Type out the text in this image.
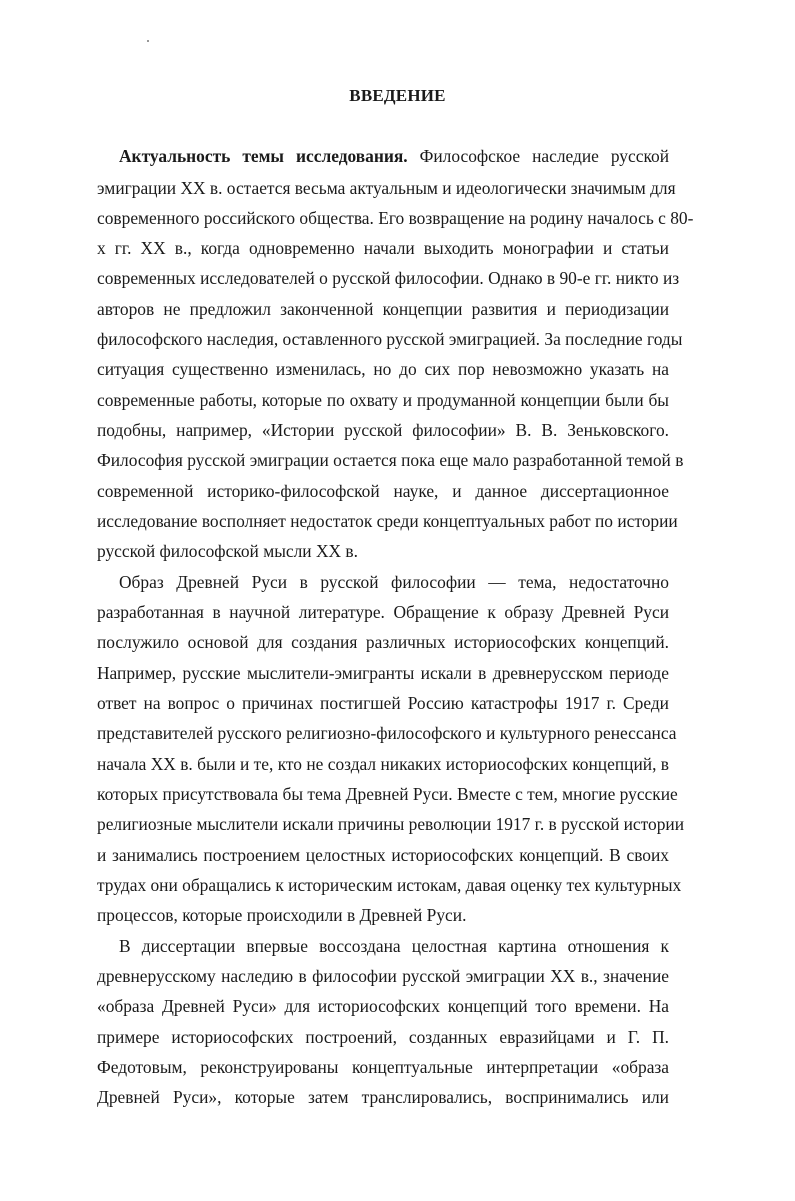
ВВЕДЕНИЕ
Актуальность темы исследования. Философское наследие русской
эмиграции XX в. остается весьма актуальным и идеологически значимым для
современного российского общества. Его возвращение на родину началось с 80-
х гг. XX в., когда одновременно начали выходить монографии и статьи
современных исследователей о русской философии. Однако в 90-е гг. никто из
авторов не предложил законченной концепции развития и периодизации
философского наследия, оставленного русской эмиграцией. За последние годы
ситуация существенно изменилась, но до сих пор невозможно указать на
современные работы, которые по охвату и продуманной концепции были бы
подобны, например, «Истории русской философии» В. В. Зеньковского.
Философия русской эмиграции остается пока еще мало разработанной темой в
современной историко-философской науке, и данное диссертационное
исследование восполняет недостаток среди концептуальных работ по истории
русской философской мысли XX в.
Образ Древней Руси в русской философии — тема, недостаточно
разработанная в научной литературе. Обращение к образу Древней Руси
послужило основой для создания различных историософских концепций.
Например, русские мыслители-эмигранты искали в древнерусском периоде
ответ на вопрос о причинах постигшей Россию катастрофы 1917 г. Среди
представителей русского религиозно-философского и культурного ренессанса
начала XX в. были и те, кто не создал никаких историософских концепций, в
которых присутствовала бы тема Древней Руси. Вместе с тем, многие русские
религиозные мыслители искали причины революции 1917 г. в русской истории
и занимались построением целостных историософских концепций. В своих
трудах они обращались к историческим истокам, давая оценку тех культурных
процессов, которые происходили в Древней Руси.
В диссертации впервые воссоздана целостная картина отношения к
древнерусскому наследию в философии русской эмиграции XX в., значение
«образа Древней Руси» для историософских концепций того времени. На
примере историософских построений, созданных евразийцами и Г. П.
Федотовым, реконструированы концептуальные интерпретации «образа
Древней Руси», которые затем транслировались, воспринимались или
